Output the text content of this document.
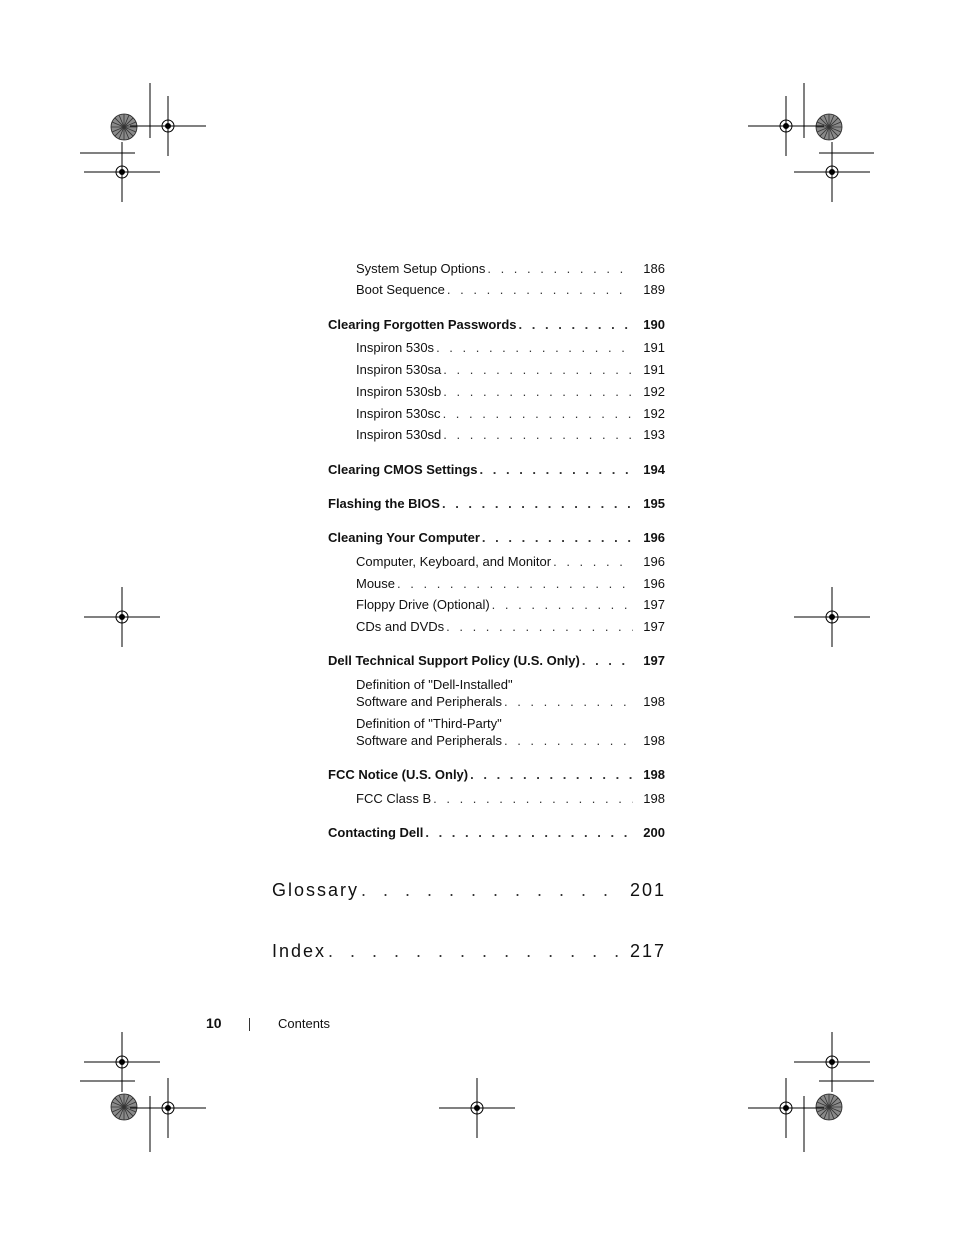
System Setup Options . . .	186
Boot Sequence . . .	189
Clearing Forgotten Passwords . . .	190
Inspiron 530s . . .	191
Inspiron 530sa . . .	191
Inspiron 530sb . . .	192
Inspiron 530sc . . .	192
Inspiron 530sd . . .	193
Clearing CMOS Settings . . .	194
Flashing the BIOS . . .	195
Cleaning Your Computer . . .	196
Computer, Keyboard, and Monitor . . .	196
Mouse . . .	196
Floppy Drive (Optional) . . .	197
CDs and DVDs . . .	197
Dell Technical Support Policy (U.S. Only) . . .	197
Definition of "Dell-Installed"
Software and Peripherals . . .	198
Definition of "Third-Party"
Software and Peripherals . . .	198
FCC Notice (U.S. Only) . . .	198
FCC Class B . . .	198
Contacting Dell . . .	200
Glossary . . .	201
Index . . .	217
10	Contents
